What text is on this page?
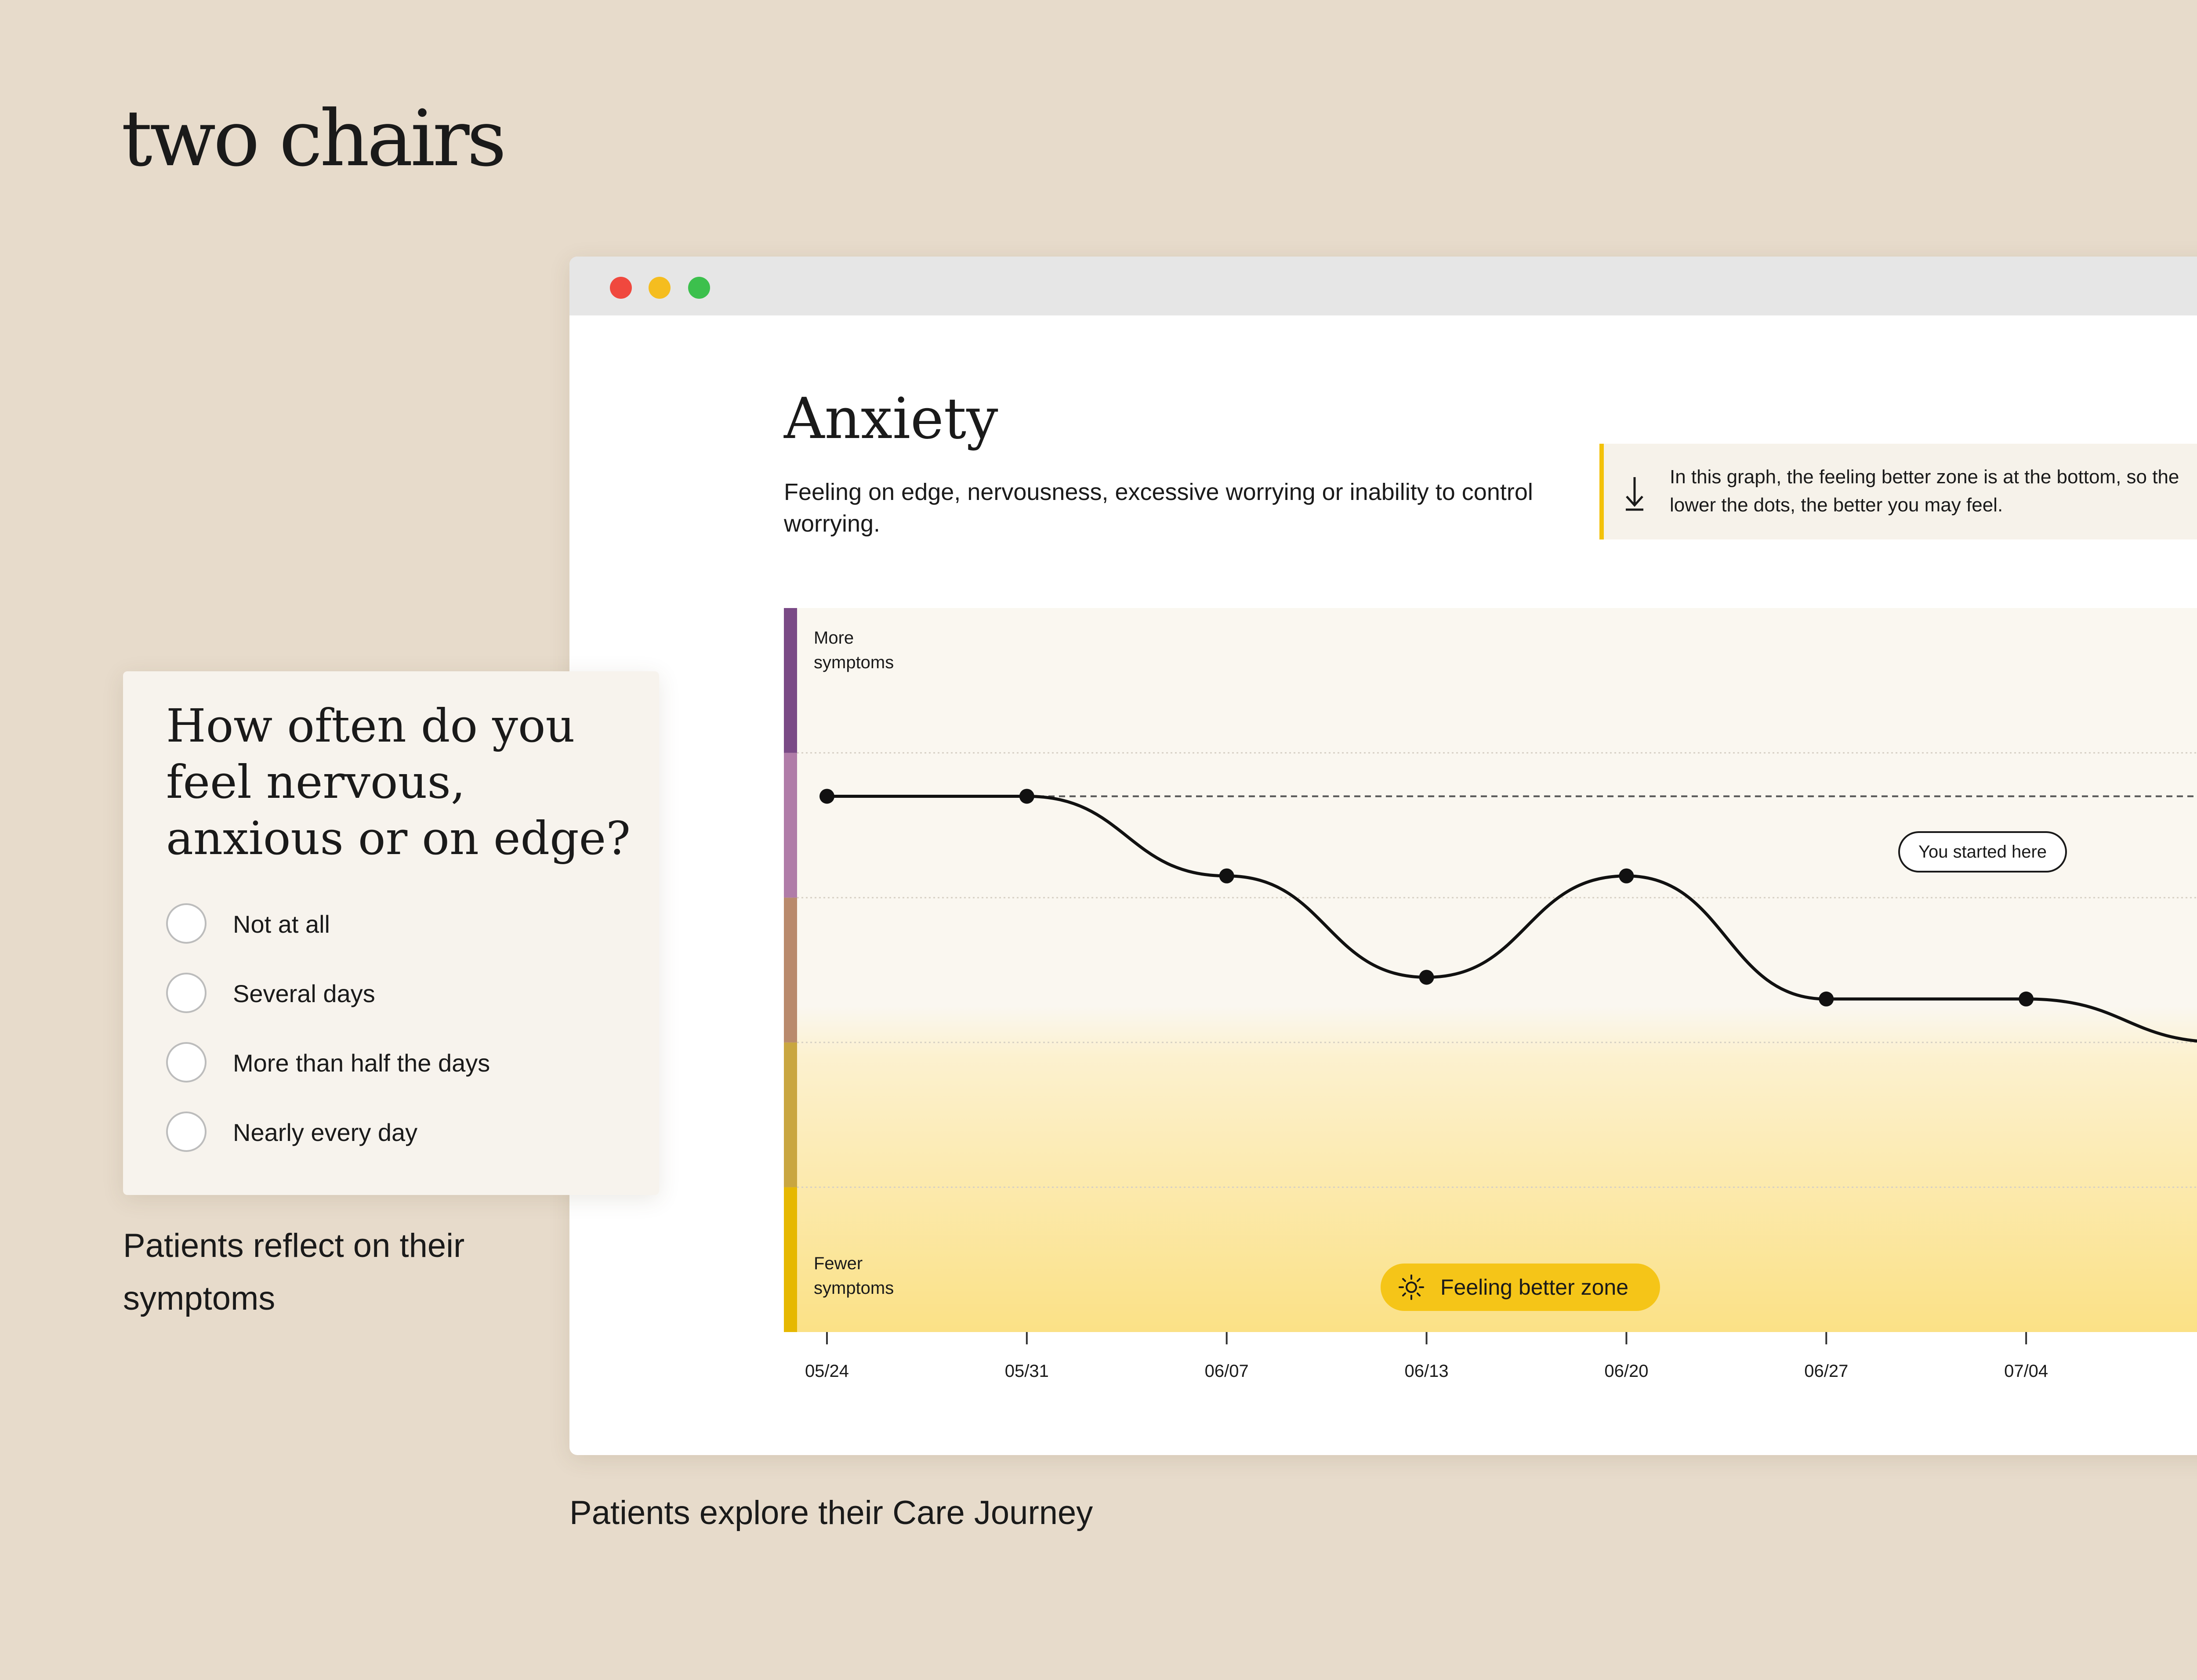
two chairs
Anxiety
Feeling on edge, nervousness, excessive worrying or inability to control worrying.
In this graph, the feeling better zone is at the bottom, so the lower the dots, the better you may feel.
05/24	05/31	06/07	06/13	06/20	06/27	07/04
More symptoms
Fewer symptoms
You started here
Feeling better zone
How often do you feel nervous, anxious or on edge?
Not at all
Several days
More than half the days
Nearly every day
Patients reflect on their symptoms
Patients explore their Care Journey
